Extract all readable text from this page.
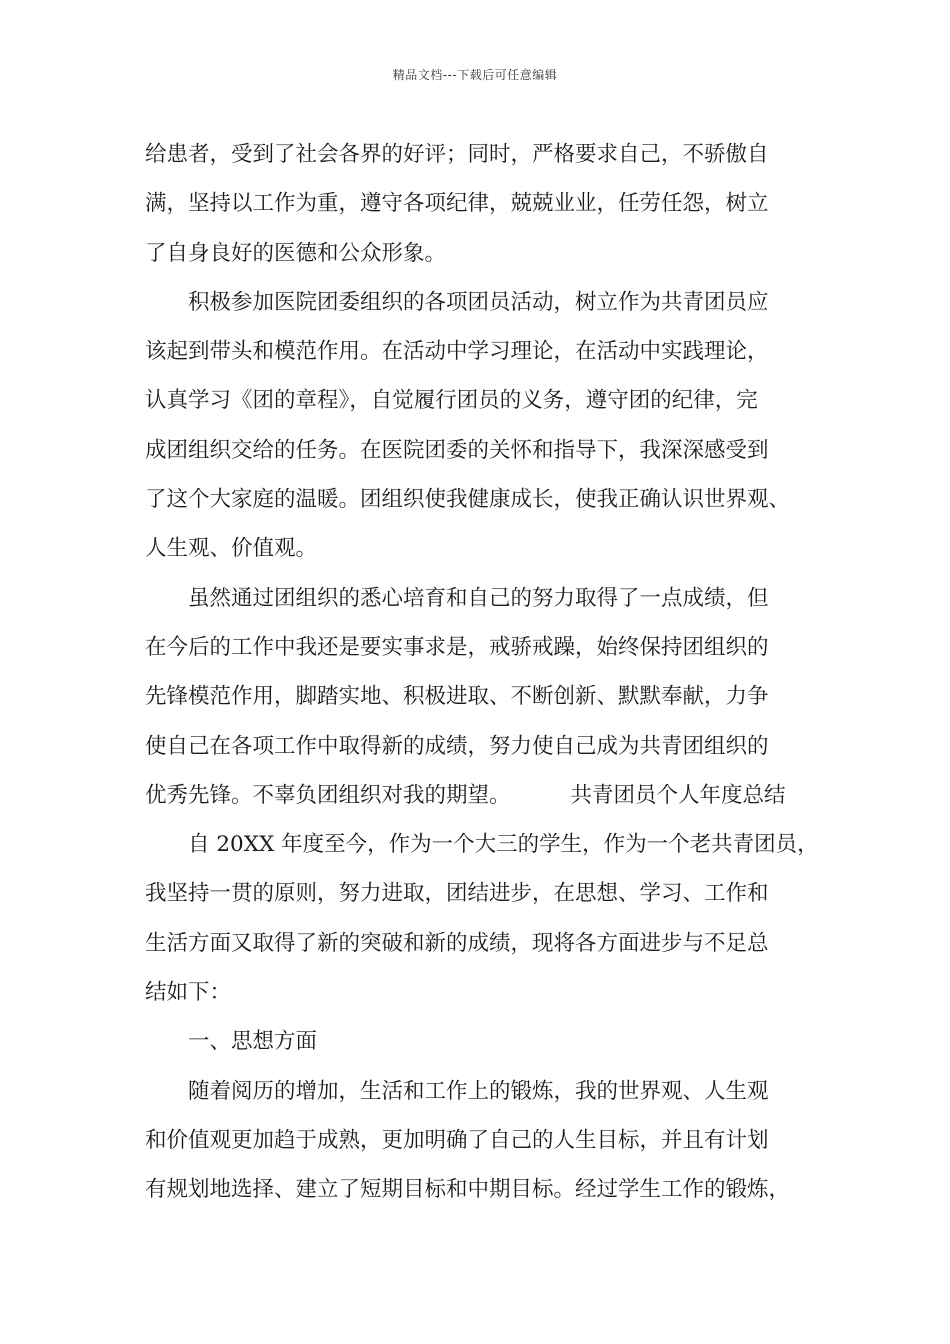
精品文档---下载后可任意编辑
给患者，受到了社会各界的好评；同时，严格要求自己，不骄傲自
满，坚持以工作为重，遵守各项纪律，兢兢业业，任劳任怨，树立
了自身良好的医德和公众形象。
积极参加医院团委组织的各项团员活动，树立作为共青团员应
该起到带头和模范作用。在活动中学习理论，在活动中实践理论，
认真学习《团的章程》，自觉履行团员的义务，遵守团的纪律，完
成团组织交给的任务。在医院团委的关怀和指导下，我深深感受到
了这个大家庭的温暖。团组织使我健康成长，使我正确认识世界观、
人生观、价值观。
虽然通过团组织的悉心培育和自己的努力取得了一点成绩，但
在今后的工作中我还是要实事求是，戒骄戒躁，始终保持团组织的
先锋模范作用，脚踏实地、积极进取、不断创新、默默奉献，力争
使自己在各项工作中取得新的成绩，努力使自己成为共青团组织的
优秀先锋。不辜负团组织对我的期望。	共青团员个人年度总结
自 20XX 年度至今，作为一个大三的学生，作为一个老共青团员，
我坚持一贯的原则，努力进取，团结进步，在思想、学习、工作和
生活方面又取得了新的突破和新的成绩，现将各方面进步与不足总
结如下：
一、思想方面
随着阅历的增加，生活和工作上的锻炼，我的世界观、人生观
和价值观更加趋于成熟，更加明确了自己的人生目标，并且有计划
有规划地选择、建立了短期目标和中期目标。经过学生工作的锻炼，
